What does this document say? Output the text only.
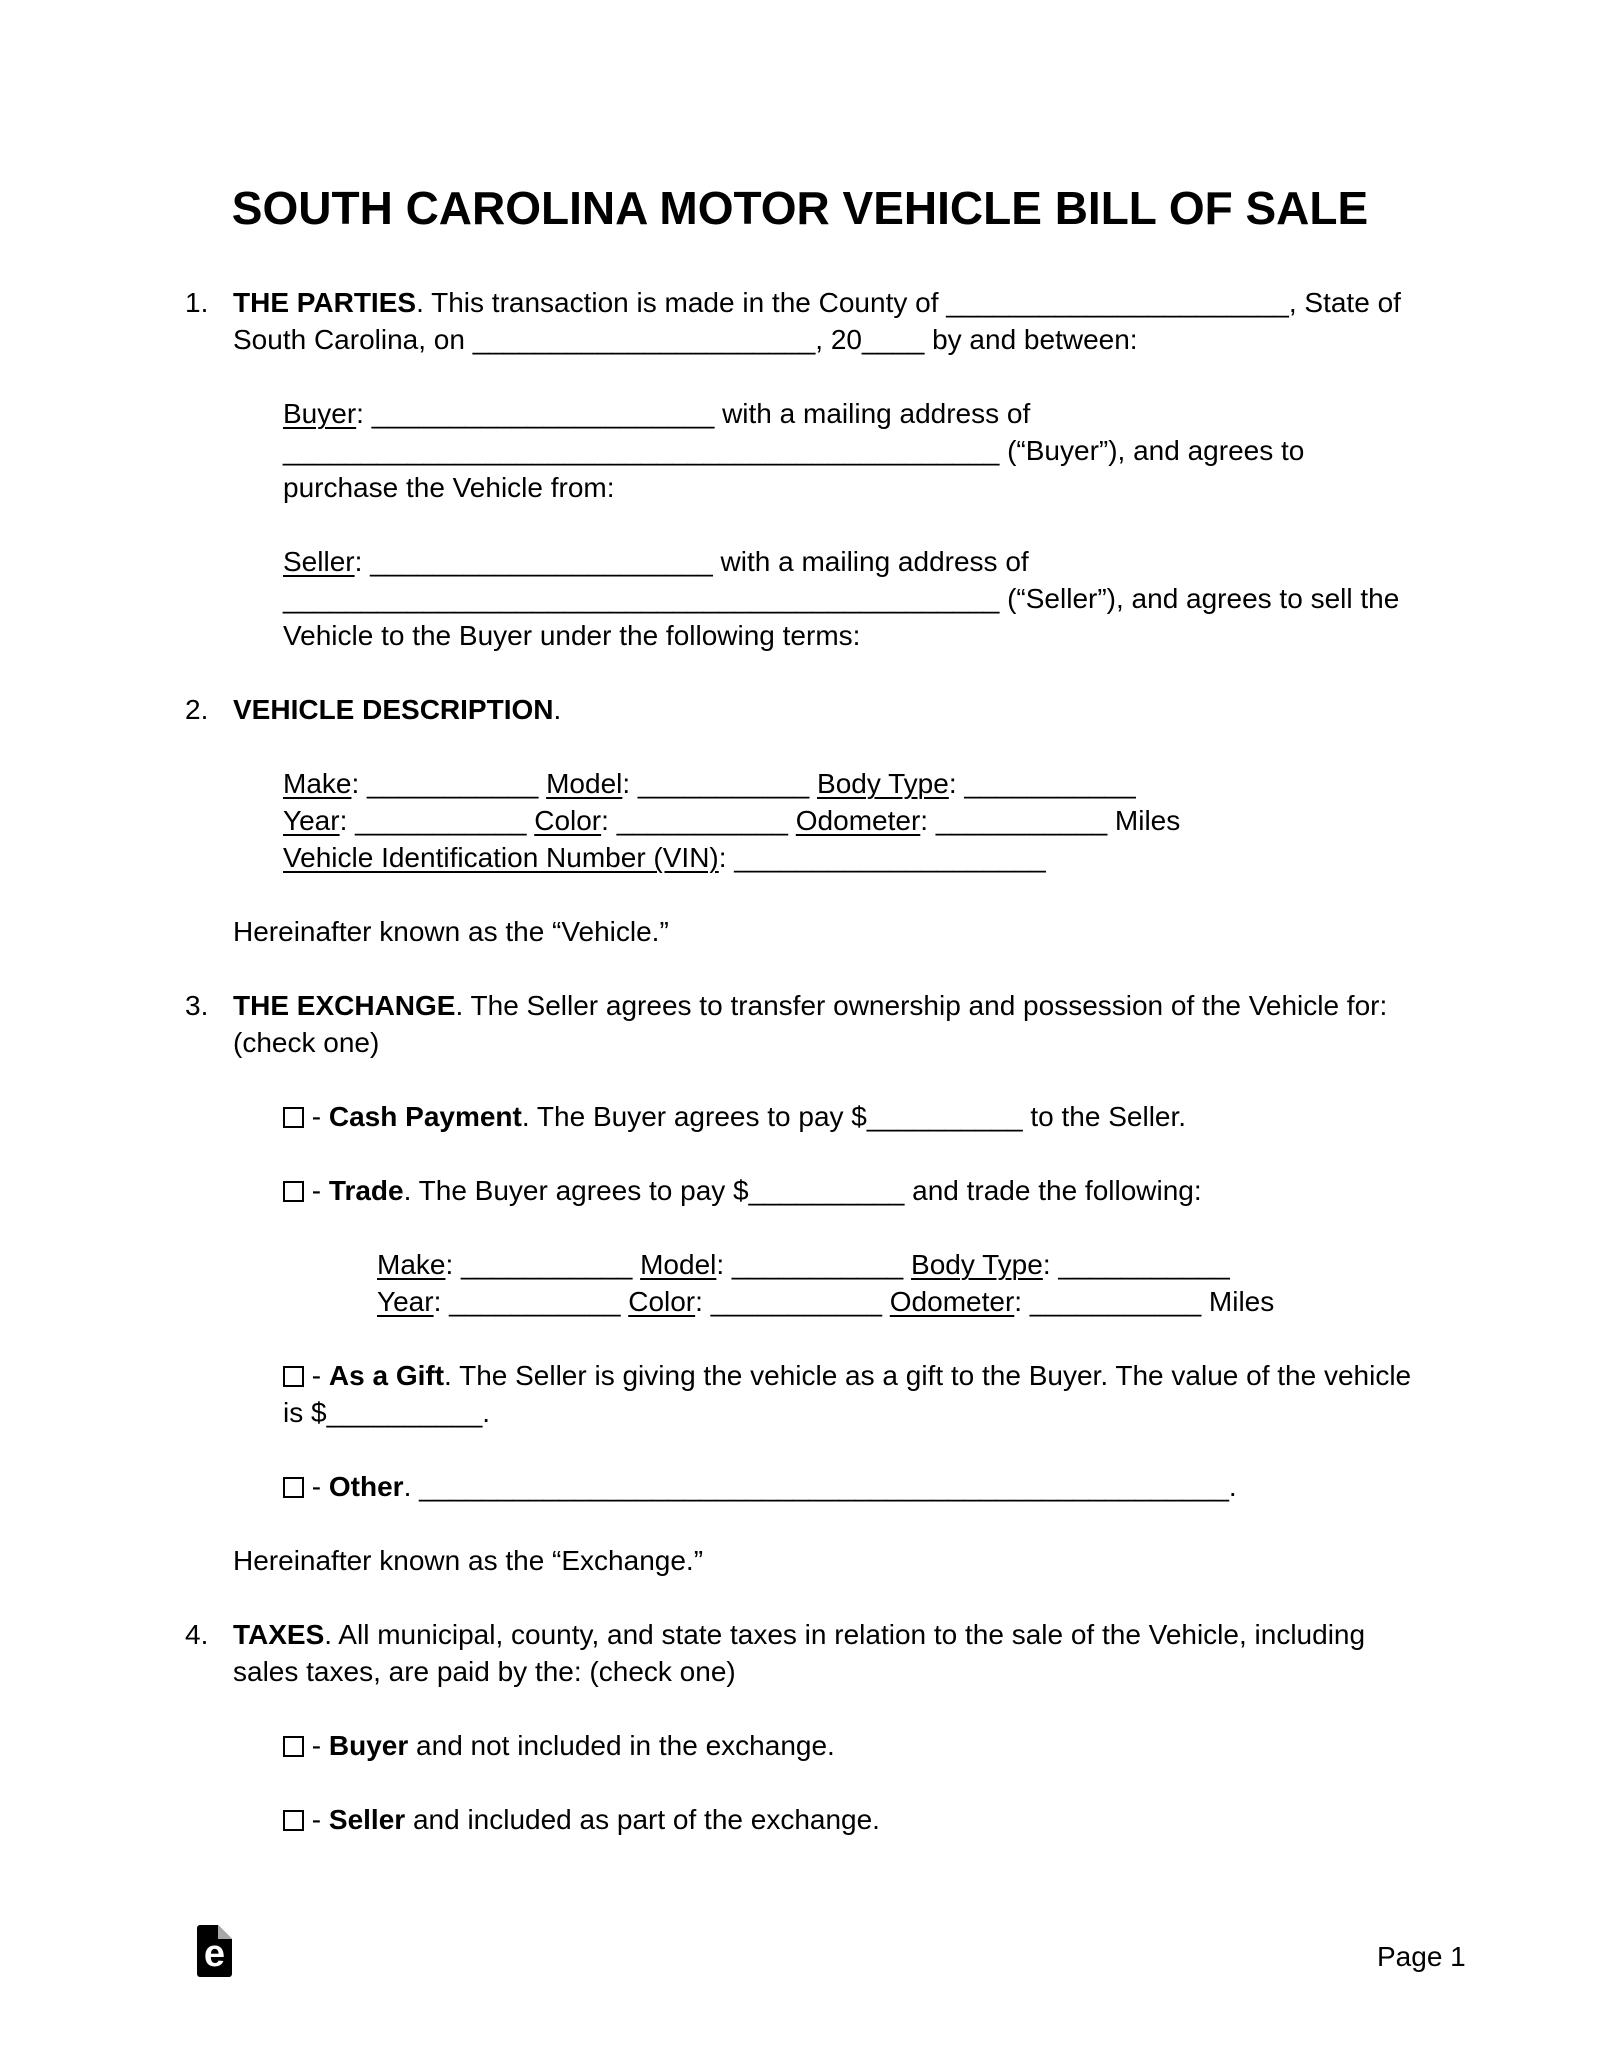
SOUTH CAROLINA MOTOR VEHICLE BILL OF SALE
1. THE PARTIES. This transaction is made in the County of ______________________, State of South Carolina, on ______________________, 20____ by and between:

Buyer: ______________________ with a mailing address of ______________________________________________ (“Buyer”), and agrees to purchase the Vehicle from:

Seller: ______________________ with a mailing address of ______________________________________________ (“Seller”), and agrees to sell the Vehicle to the Buyer under the following terms:

2. VEHICLE DESCRIPTION.

Make: ___________ Model: ___________ Body Type: ___________
Year: ___________ Color: ___________ Odometer: ___________ Miles
Vehicle Identification Number (VIN): ____________________

Hereinafter known as the “Vehicle.”

3. THE EXCHANGE. The Seller agrees to transfer ownership and possession of the Vehicle for: (check one)

- Cash Payment. The Buyer agrees to pay $__________ to the Seller.

- Trade. The Buyer agrees to pay $__________ and trade the following:

Make: ___________ Model: ___________ Body Type: ___________
Year: ___________ Color: ___________ Odometer: ___________ Miles

- As a Gift. The Seller is giving the vehicle as a gift to the Buyer. The value of the vehicle is $__________.

- Other. ____________________________________________________.

Hereinafter known as the “Exchange.”

4. TAXES. All municipal, county, and state taxes in relation to the sale of the Vehicle, including sales taxes, are paid by the: (check one)

- Buyer and not included in the exchange.

- Seller and included as part of the exchange.

e	Page 1
